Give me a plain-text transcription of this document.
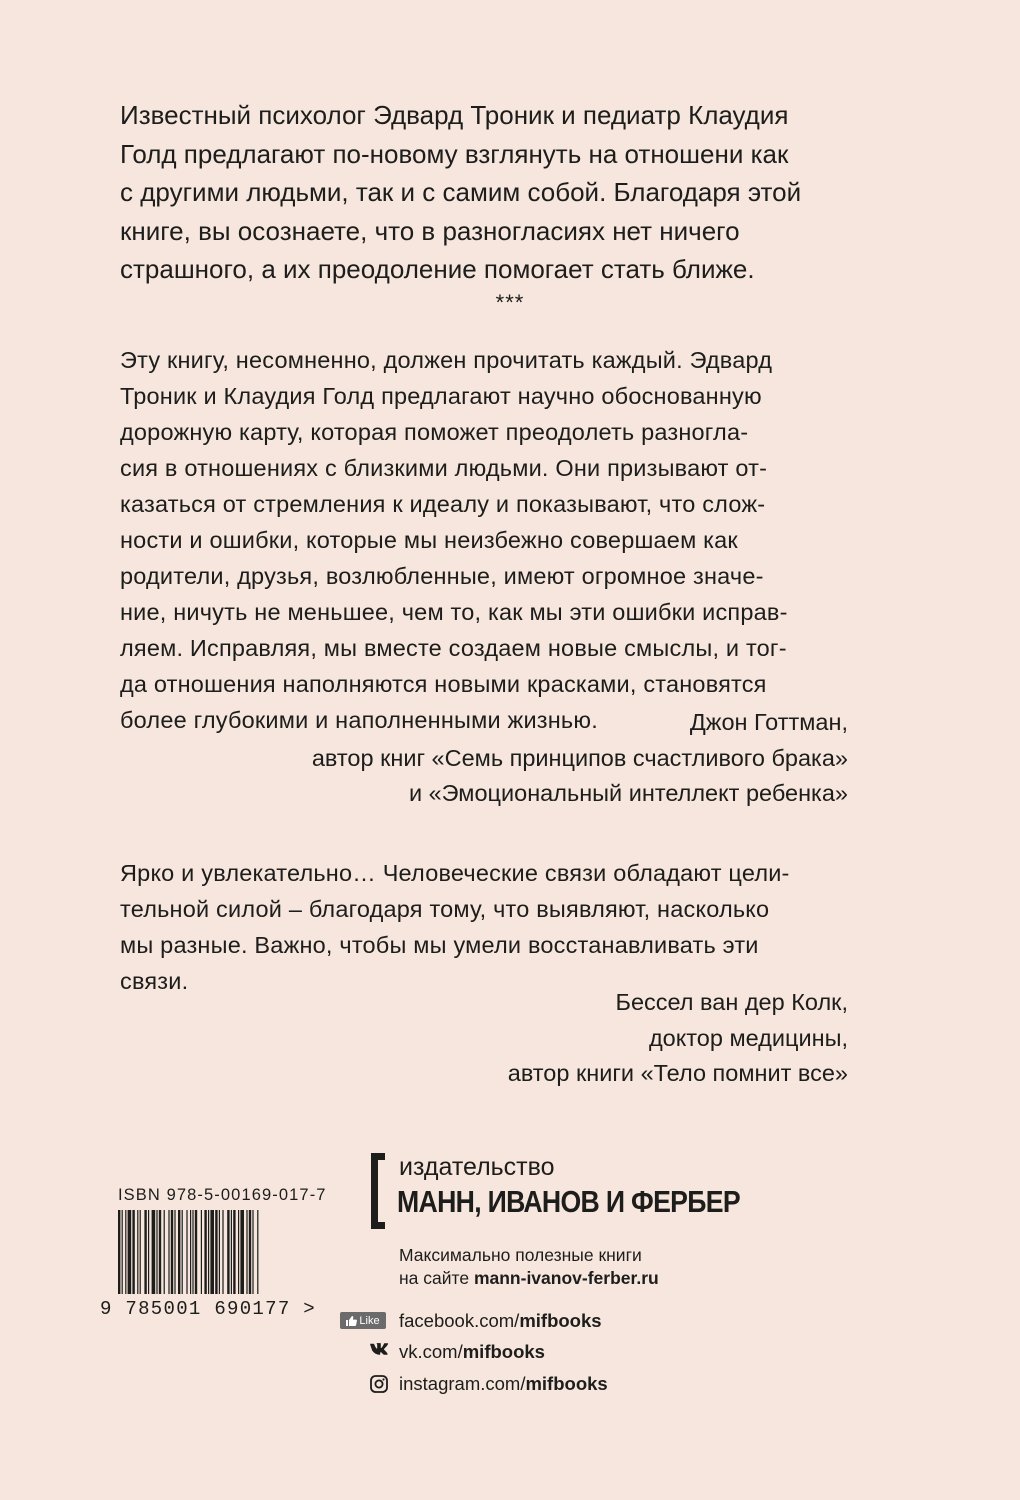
Известный психолог Эдвард Троник и педиатр Клаудия
Голд предлагают по-новому взглянуть на отношени как
с другими людьми, так и с самим собой. Благодаря этой
книге, вы осознаете, что в разногласиях нет ничего
страшного, а их преодоление помогает стать ближе.

***

Эту книгу, несомненно, должен прочитать каждый. Эдвард
Троник и Клаудия Голд предлагают научно обоснованную
дорожную карту, которая поможет преодолеть разногла-
сия в отношениях с близкими людьми. Они призывают от-
казаться от стремления к идеалу и показывают, что слож-
ности и ошибки, которые мы неизбежно совершаем как
родители, друзья, возлюбленные, имеют огромное значе-
ние, ничуть не меньшее, чем то, как мы эти ошибки исправ-
ляем. Исправляя, мы вместе создаем новые смыслы, и тог-
да отношения наполняются новыми красками, становятся
более глубокими и наполненными жизнью.	Джон Готтман,
автор книг «Семь принципов счастливого брака»
и «Эмоциональный интеллект ребенка»

Ярко и увлекательно… Человеческие связи обладают цели-
тельной силой – благодаря тому, что выявляют, насколько
мы разные. Важно, чтобы мы умели восстанавливать эти
связи.

Бессел ван дер Колк,
доктор медицины,
автор книги «Тело помнит все»

ISBN 978-5-00169-017-7
9 785001 690177 >
издательство
МАНН, ИВАНОВ И ФЕРБЕР
Максимально полезные книги
на сайте mann-ivanov-ferber.ru
Like facebook.com/mifbooks
vk.com/mifbooks
instagram.com/mifbooks
